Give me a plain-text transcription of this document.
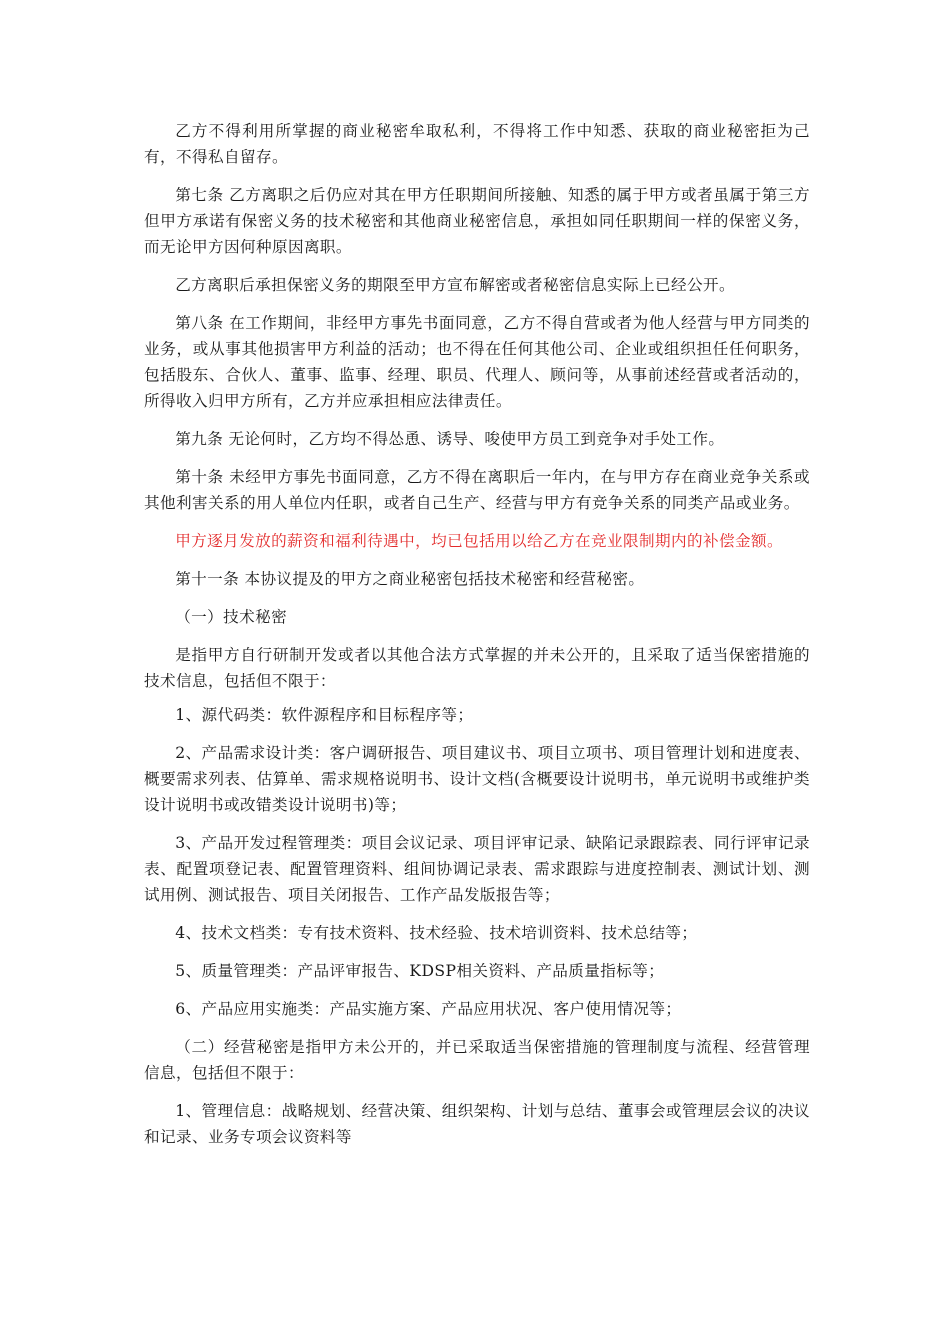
乙方不得利用所掌握的商业秘密牟取私利，不得将工作中知悉、获取的商业秘密拒为己有，不得私自留存。

第七条 乙方离职之后仍应对其在甲方任职期间所接触、知悉的属于甲方或者虽属于第三方但甲方承诺有保密义务的技术秘密和其他商业秘密信息，承担如同任职期间一样的保密义务，而无论甲方因何种原因离职。

乙方离职后承担保密义务的期限至甲方宣布解密或者秘密信息实际上已经公开。

第八条 在工作期间，非经甲方事先书面同意，乙方不得自营或者为他人经营与甲方同类的业务，或从事其他损害甲方利益的活动；也不得在任何其他公司、企业或组织担任任何职务，包括股东、合伙人、董事、监事、经理、职员、代理人、顾问等，从事前述经营或者活动的，所得收入归甲方所有，乙方并应承担相应法律责任。

第九条 无论何时，乙方均不得怂恿、诱导、唆使甲方员工到竞争对手处工作。

第十条 未经甲方事先书面同意，乙方不得在离职后一年内，在与甲方存在商业竞争关系或其他利害关系的用人单位内任职，或者自己生产、经营与甲方有竞争关系的同类产品或业务。

甲方逐月发放的薪资和福利待遇中，均已包括用以给乙方在竞业限制期内的补偿金额。

第十一条 本协议提及的甲方之商业秘密包括技术秘密和经营秘密。

（一）技术秘密

是指甲方自行研制开发或者以其他合法方式掌握的并未公开的，且采取了适当保密措施的技术信息，包括但不限于：

1、源代码类：软件源程序和目标程序等；

2、产品需求设计类：客户调研报告、项目建议书、项目立项书、项目管理计划和进度表、概要需求列表、估算单、需求规格说明书、设计文档(含概要设计说明书，单元说明书或维护类设计说明书或改错类设计说明书)等；

3、产品开发过程管理类：项目会议记录、项目评审记录、缺陷记录跟踪表、同行评审记录表、配置项登记表、配置管理资料、组间协调记录表、需求跟踪与进度控制表、测试计划、测试用例、测试报告、项目关闭报告、工作产品发版报告等；

4、技术文档类：专有技术资料、技术经验、技术培训资料、技术总结等；

5、质量管理类：产品评审报告、KDSP相关资料、产品质量指标等；

6、产品应用实施类：产品实施方案、产品应用状况、客户使用情况等；

（二）经营秘密是指甲方未公开的，并已采取适当保密措施的管理制度与流程、经营管理信息，包括但不限于：

1、管理信息：战略规划、经营决策、组织架构、计划与总结、董事会或管理层会议的决议和记录、业务专项会议资料等
